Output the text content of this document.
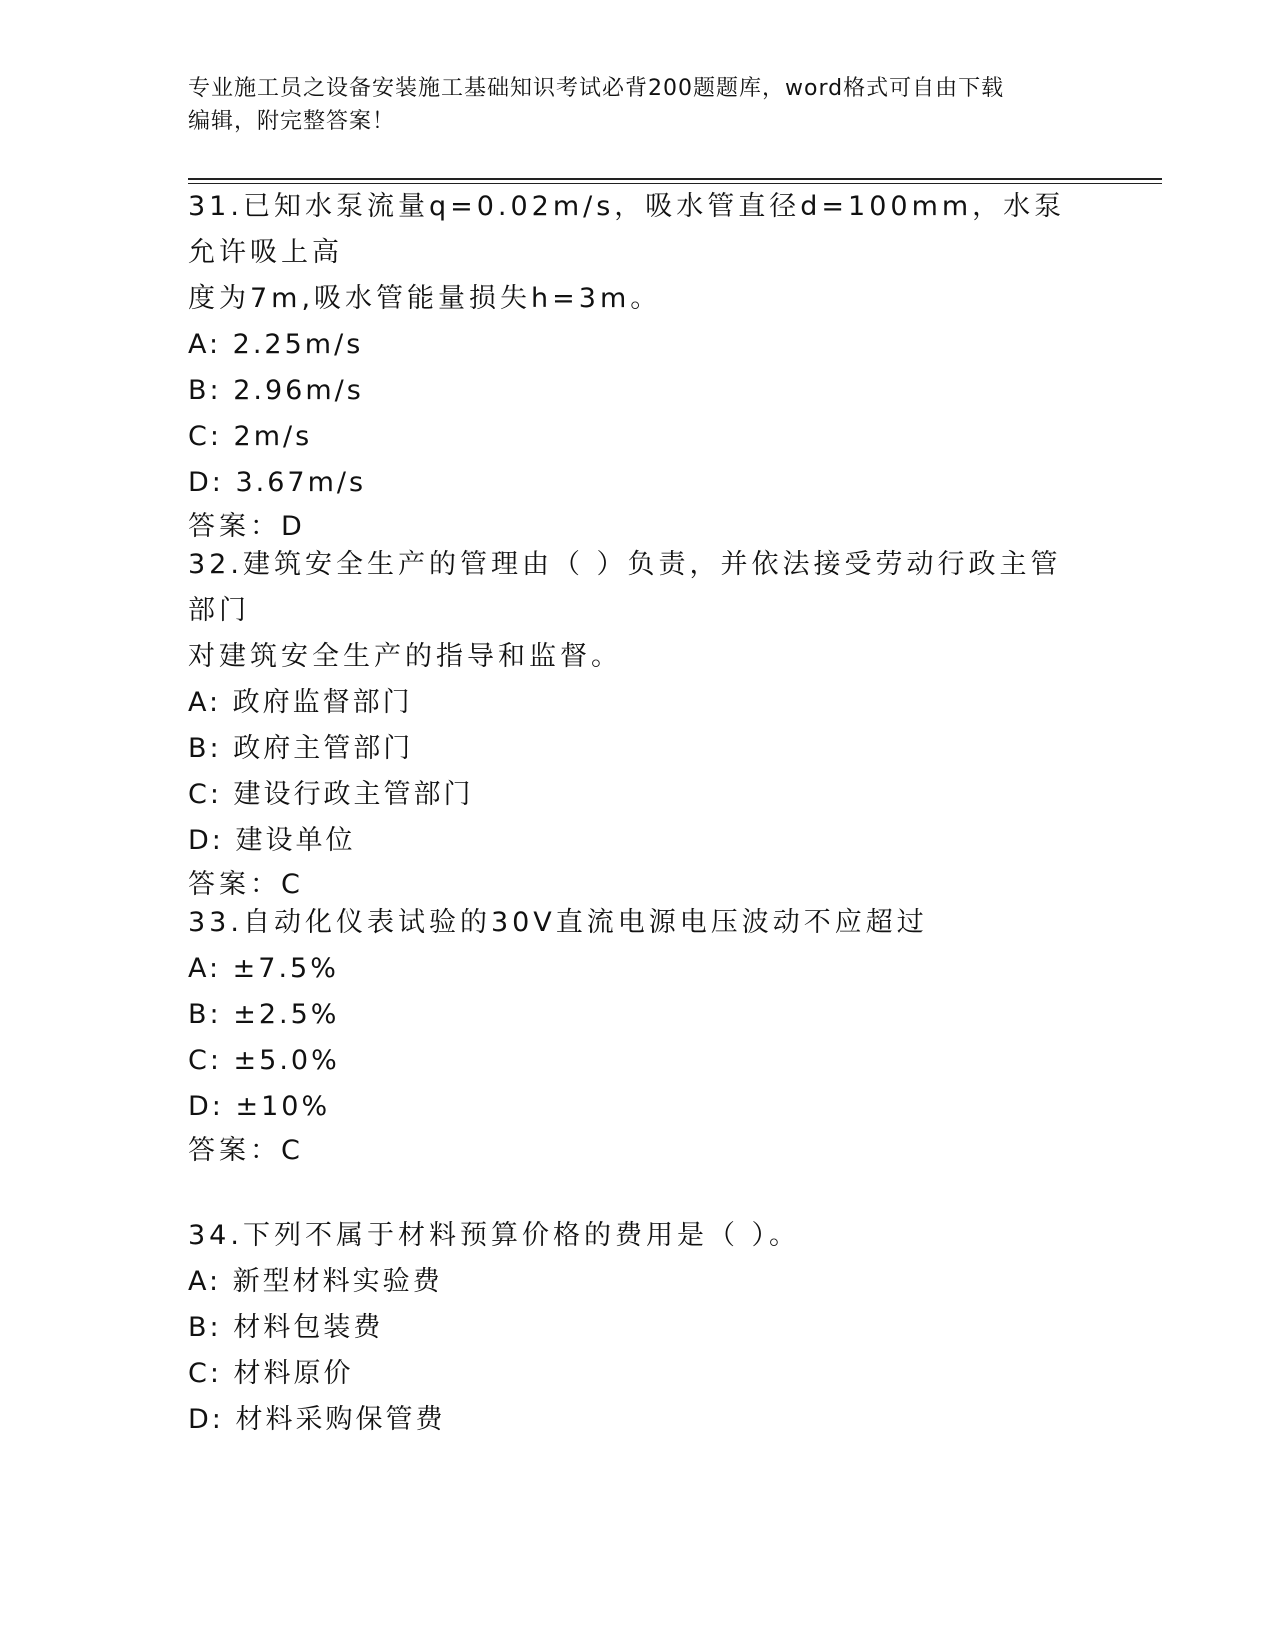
专业施工员之设备安装施工基础知识考试必背200题题库，word格式可自由下载
编辑，附完整答案！

31.已知水泵流量q=0.02m/s，吸水管直径d=100mm，水泵允许吸上高

度为7m,吸水管能量损失h=3m。

A: 2.25m/s

B: 2.96m/s

C: 2m/s

D: 3.67m/s

答案：D

32.建筑安全生产的管理由（ ）负责，并依法接受劳动行政主管部门

对建筑安全生产的指导和监督。

A: 政府监督部门

B: 政府主管部门

C: 建设行政主管部门

D: 建设单位

答案：C

33.自动化仪表试验的30V直流电源电压波动不应超过

A: ±7.5%

B: ±2.5%

C: ±5.0%

D: ±10%

答案：C

34.下列不属于材料预算价格的费用是（ ）。

A: 新型材料实验费

B: 材料包装费

C: 材料原价

D: 材料采购保管费
